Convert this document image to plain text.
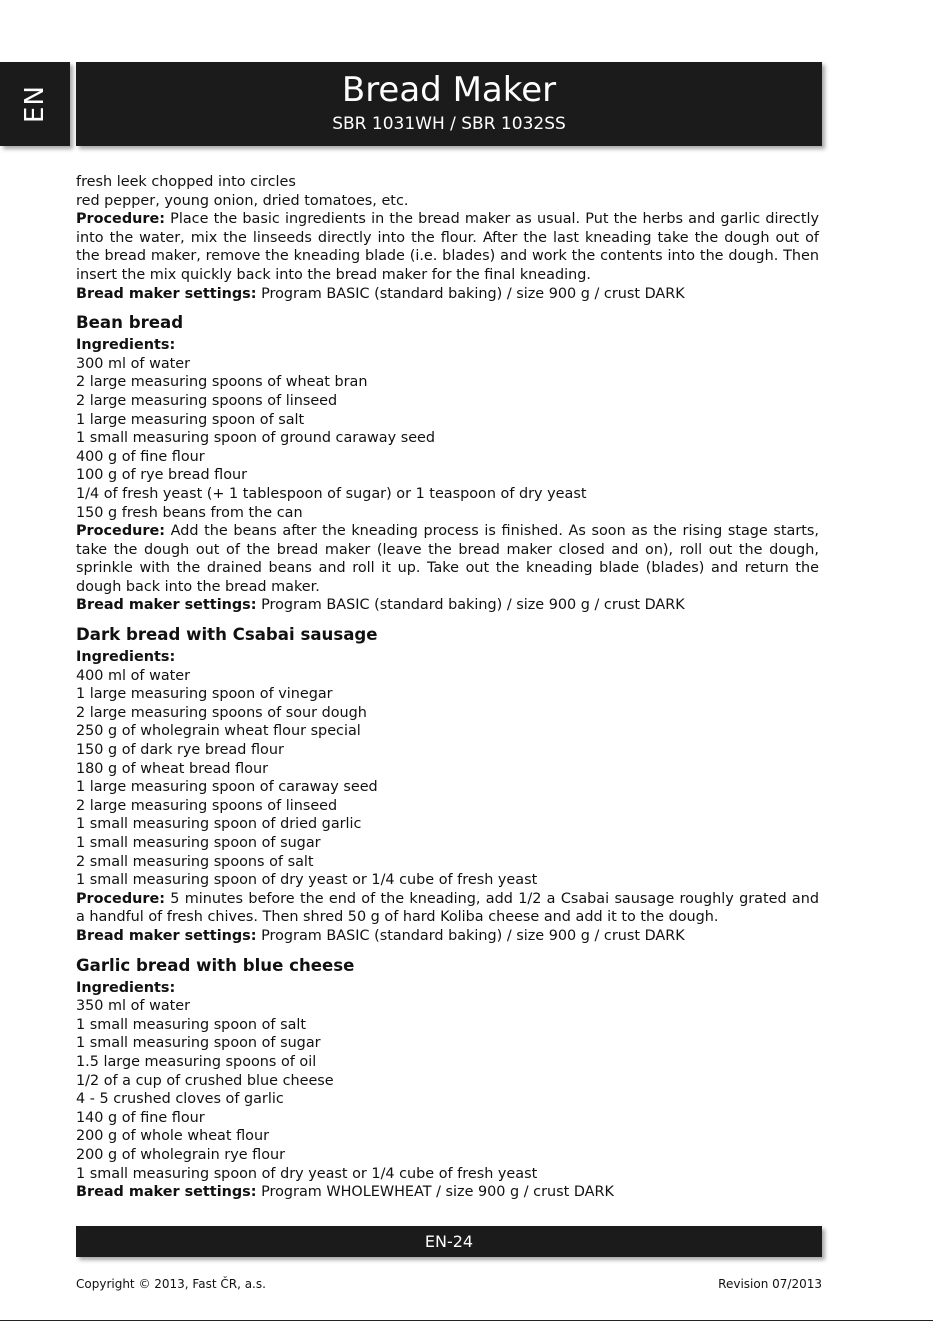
EN	Bread Maker
SBR 1031WH / SBR 1032SS

fresh leek chopped into circles

red pepper, young onion, dried tomatoes, etc.

Procedure: Place the basic ingredients in the bread maker as usual. Put the herbs and garlic directly into the water, mix the linseeds directly into the flour. After the last kneading take the dough out of the bread maker, remove the kneading blade (i.e. blades) and work the contents into the dough. Then insert the mix quickly back into the bread maker for the final kneading.

Bread maker settings: Program BASIC (standard baking) / size 900 g / crust DARK

Bean bread

Ingredients:

300 ml of water

2 large measuring spoons of wheat bran

2 large measuring spoons of linseed

1 large measuring spoon of salt

1 small measuring spoon of ground caraway seed

400 g of fine flour

100 g of rye bread flour

1/4 of fresh yeast (+ 1 tablespoon of sugar) or 1 teaspoon of dry yeast

150 g fresh beans from the can

Procedure: Add the beans after the kneading process is finished. As soon as the rising stage starts, take the dough out of the bread maker (leave the bread maker closed and on), roll out the dough, sprinkle with the drained beans and roll it up. Take out the kneading blade (blades) and return the dough back into the bread maker.

Bread maker settings: Program BASIC (standard baking) / size 900 g / crust DARK

Dark bread with Csabai sausage

Ingredients:

400 ml of water

1 large measuring spoon of vinegar

2 large measuring spoons of sour dough

250 g of wholegrain wheat flour special

150 g of dark rye bread flour

180 g of wheat bread flour

1 large measuring spoon of caraway seed

2 large measuring spoons of linseed

1 small measuring spoon of dried garlic

1 small measuring spoon of sugar

2 small measuring spoons of salt

1 small measuring spoon of dry yeast or 1/4 cube of fresh yeast

Procedure: 5 minutes before the end of the kneading, add 1/2 a Csabai sausage roughly grated and a handful of fresh chives. Then shred 50 g of hard Koliba cheese and add it to the dough.

Bread maker settings: Program BASIC (standard baking) / size 900 g / crust DARK

Garlic bread with blue cheese

Ingredients:

350 ml of water

1 small measuring spoon of salt

1 small measuring spoon of sugar

1.5 large measuring spoons of oil

1/2 of a cup of crushed blue cheese

4 - 5 crushed cloves of garlic

140 g of fine flour

200 g of whole wheat flour

200 g of wholegrain rye flour

1 small measuring spoon of dry yeast or 1/4 cube of fresh yeast

Bread maker settings: Program WHOLEWHEAT / size 900 g / crust DARK

EN-24
Copyright © 2013, Fast ČR, a.s.	Revision 07/2013
